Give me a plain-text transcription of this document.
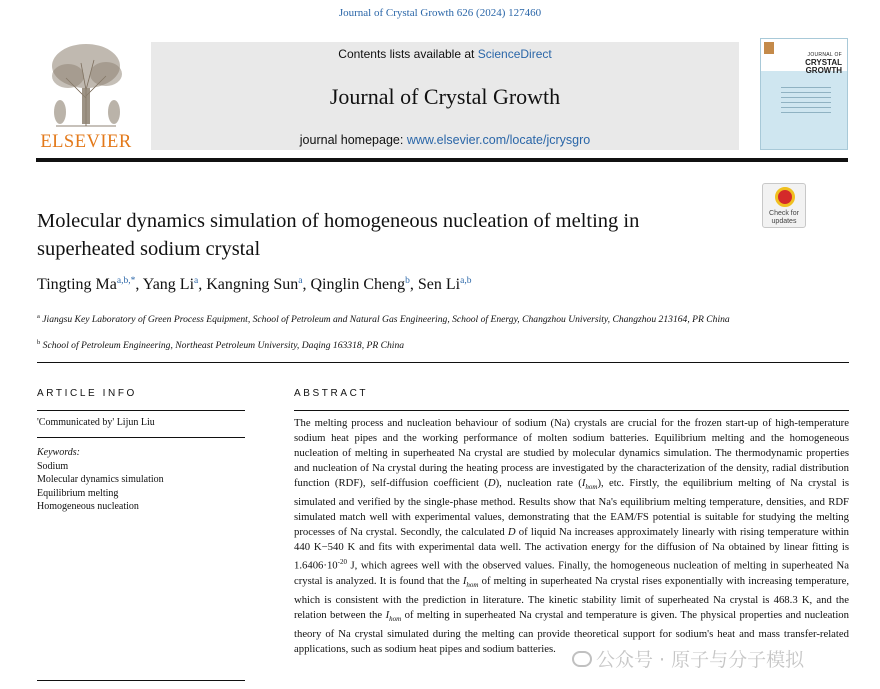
Journal of Crystal Growth 626 (2024) 127460
ELSEVIER
Contents lists available at ScienceDirect
Journal of Crystal Growth
journal homepage: www.elsevier.com/locate/jcrysgro
JOURNAL OF
CRYSTAL
GROWTH
Check for
updates
Molecular dynamics simulation of homogeneous nucleation of melting in superheated sodium crystal
Tingting $Ma^{a,b,*}$, Yang Li$^a$, Kangning Sun$^a$, Qinglin Cheng$^b$, Sen Li$^{a,b}$
$^a$ Jiangsu Key Laboratory of Green Process Equipment, School of Petroleum and Natural Gas Engineering, School of Energy, Changzhou University, Changzhou 213164, PR China
$^b$ School of Petroleum Engineering, Northeast Petroleum University, Daqing 163318, PR China
ARTICLE INFO
'Communicated by' Lijun Liu
Keywords:
Sodium
Molecular dynamics simulation
Equilibrium melting
Homogeneous nucleation
ABSTRACT
The melting process and nucleation behaviour of sodium (Na) crystals are crucial for the frozen start-up of high-temperature sodium heat pipes and the working performance of molten sodium batteries. Equilibrium melting and the homogeneous nucleation of melting in superheated Na crystal are studied by molecular dynamics simulation. The thermodynamic properties and nucleation of Na crystal during the heating process are investigated by the characterization of the density, radial distribution function (RDF), self-diffusion coefficient (D), nucleation rate $(I_{hom})$, etc. Firstly, the equilibrium melting of Na crystal is simulated and verified by the single-phase method. Results show that Na's equilibrium melting temperature, densities, and RDF simulated match well with experimental values, demonstrating that the EAM/FS potential is suitable for studying the melting processes of Na crystal. Secondly, the calculated D of liquid Na increases approximately linearly with rising temperature within 440 K−540 K and fits with experimental data well. The activation energy for the diffusion of Na obtained by linear fitting is $1.6406\cdot 10^{-20}$ J, which agrees well with the observed values. Finally, the homogeneous nucleation of melting in superheated Na crystal is analyzed. It is found that the $I_{hom}$ of melting in superheated Na crystal rises exponentially with increasing temperature, which is consistent with the prediction in literature. The kinetic stability limit of superheated Na crystal is 468.3 K, and the relation between the $I_{hom}$ of melting in superheated Na crystal and temperature is given. The physical properties and nucleation theory of Na crystal simulated during the melting can provide theoretical support for sodium's heat and mass transfer-related applications, such as sodium heat pipes and sodium batteries.
公众号 · 原子与分子模拟
